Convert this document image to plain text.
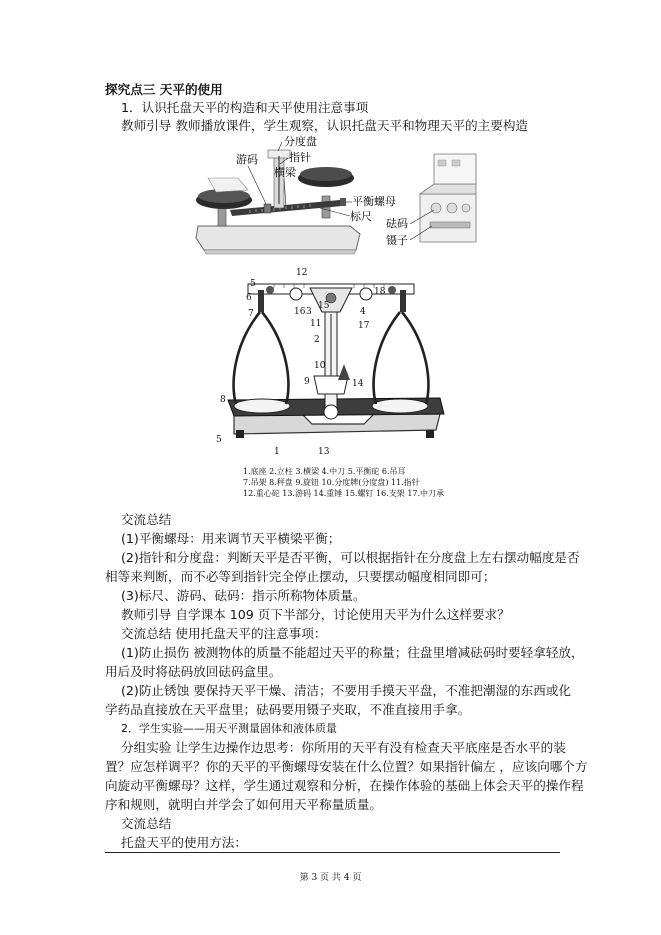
探究点三 天平的使用
1．认识托盘天平的构造和天平使用注意事项
教师引导 教师播放课件，学生观察，认识托盘天平和物理天平的主要构造
分度盘
指针
游码
横梁
平衡螺母
标尺
砝码
镊子
12
5
6
7	16 3
15
4
18
11	17
2
10
9	14
8
5
1	13
1.底座 2.立柱 3.横梁 4.中刀 5.平衡砣 6.吊耳
7.吊架 8.秤盘 9.旋钮 10.分度牌(分度盘) 11.指针
12.重心砣 13.游码 14.重锤 15.螺钉 16.支架 17.中刀承
交流总结
(1)平衡螺母：用来调节天平横梁平衡；
(2)指针和分度盘：判断天平是否平衡，可以根据指针在分度盘上左右摆动幅度是否
相等来判断，而不必等到指针完全停止摆动，只要摆动幅度相同即可；
(3)标尺、游码、砝码：指示所称物体质量。
教师引导 自学课本 109 页下半部分，讨论使用天平为什么这样要求？
交流总结 使用托盘天平的注意事项：
(1)防止损伤 被测物体的质量不能超过天平的称量；往盘里增减砝码时要轻拿轻放，
用后及时将砝码放回砝码盒里。
(2)防止锈蚀 要保持天平干燥、清洁；不要用手摸天平盘，不准把潮湿的东西或化
学药品直接放在天平盘里；砝码要用镊子夹取，不准直接用手拿。
2．学生实验——用天平测量固体和液体质量
分组实验 让学生边操作边思考：你所用的天平有没有检查天平底座是否水平的装
置？应怎样调平？你的天平的平衡螺母安装在什么位置？如果指针偏左 ，应该向哪个方
向旋动平衡螺母？这样，学生通过观察和分析，在操作体验的基础上体会天平的操作程
序和规则，就明白并学会了如何用天平称量质量。
第 3 页 共 4 页
交流总结
托盘天平的使用方法：
